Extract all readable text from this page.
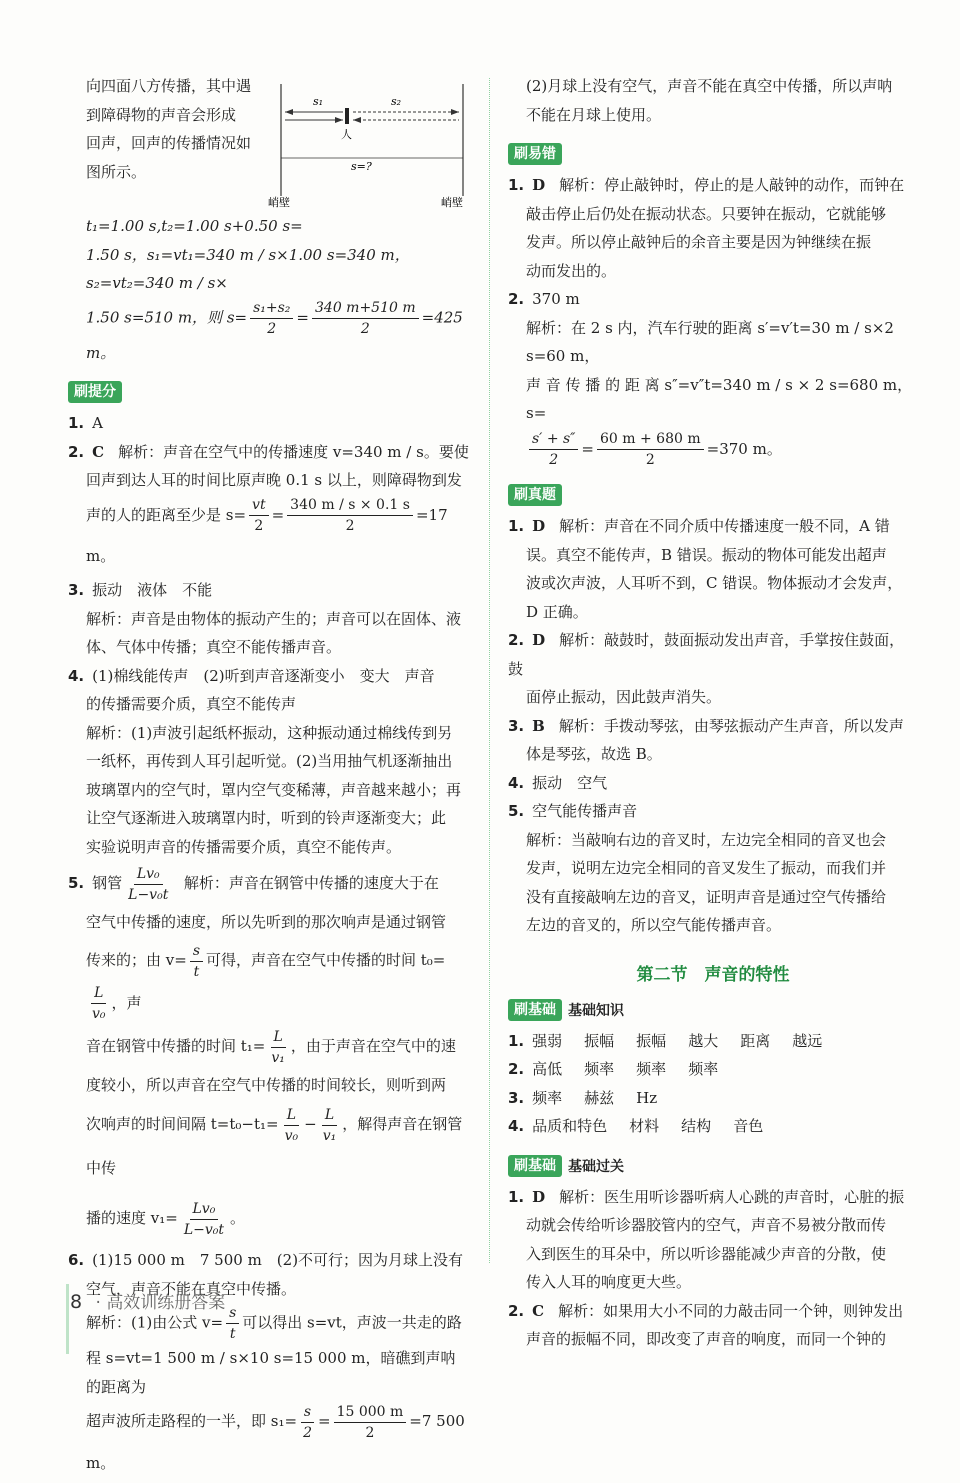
向四面八方传播，其中遇

到障碍物的声音会形成

回声，回声的传播情况如

图所示。

s₁	s₂
人
s=?
峭壁	峭壁

t₁=1.00 s,t₂=1.00 s+0.50 s=

1.50 s，s₁=vt₁=340 m / s×1.00 s=340 m，s₂=vt₂=340 m / s×

1.50 s=510 m，则 $s= \frac{\text{s₁+s₂}}{2} = \frac{340 m+510 m}{2} =425$ m。

刷提分

1. A

2. C 解析：声音在空气中的传播速度 v=340 m / s。要使

回声到达人耳的时间比原声晚 0.1 s 以上，则障碍物到发

声的人的距离至少是 $s= \frac{vt}{2} = \frac{340 m / s \times 0.1 s}{2} =17$ m。

3. 振动　液体　不能

解析：声音是由物体的振动产生的；声音可以在固体、液

体、气体中传播；真空不能传播声音。

4. (1)棉线能传声　(2)听到声音逐渐变小　变大　声音

的传播需要介质，真空不能传声

解析：(1)声波引起纸杯振动，这种振动通过棉线传到另

一纸杯，再传到人耳引起听觉。(2)当用抽气机逐渐抽出

玻璃罩内的空气时，罩内空气变稀薄，声音越来越小；再

让空气逐渐进入玻璃罩内时，听到的铃声逐渐变大；此

实验说明声音的传播需要介质，真空不能传声。

5. 钢管 $\frac{\text{Lv₀}}{\text{L−v₀t}}$ 解析：声音在钢管中传播的速度大于在

空气中传播的速度，所以先听到的那次响声是通过钢管

传来的；由 $v= \frac{s}{t}$ 可得，声音在空气中传播的时间 t₀=
$\frac{L}{\text{v₀}}$ ，声

音在钢管中传播的时间 $t_1= \frac{L}{\text{v₁}}$ ，由于声音在空气中的速

度较小，所以声音在空气中传播的时间较长，则听到两

次响声的时间间隔 $t=t_0-t_1= \frac{L}{\text{v₀}} - \frac{L}{\text{v₁}}$ ，解得声音在钢管中传

播的速度 $v_1= \frac{\text{Lv₀}}{\text{L−v₀t}}$ 。

6. (1)15 000 m　7 500 m　(2)不可行；因为月球上没有

空气，声音不能在真空中传播。

解析：(1)由公式 $v= \frac{s}{t}$ 可以得出 s=vt，声波一共走的路

程 s=vt=1 500 m / s×10 s=15 000 m，暗礁到声呐的距离为

超声波所走路程的一半，即 $s_1= \frac{s}{2} = \frac{15 000 m}{2} =7$ 500 m。

(2)月球上没有空气，声音不能在真空中传播，所以声呐

不能在月球上使用。

刷易错

1. D 解析：停止敲钟时，停止的是人敲钟的动作，而钟在

敲击停止后仍处在振动状态。只要钟在振动，它就能够

发声。所以停止敲钟后的余音主要是因为钟继续在振

动而发出的。

2. 370 m

解析：在 2 s 内，汽车行驶的距离 s′=v′t=30 m / s×2 s=60 m，

声 音 传 播 的 距 离 s″=v″t=340 m / s × 2 s=680 m，s=

$\frac{s' + s''}{2} = \frac{60 m + 680 m}{2} =370$ m。

刷真题

1. D 解析：声音在不同介质中传播速度一般不同，A 错

误。真空不能传声，B 错误。振动的物体可能发出超声

波或次声波，人耳听不到，C 错误。物体振动才会发声，

D 正确。

2. D 解析：敲鼓时，鼓面振动发出声音，手掌按住鼓面，鼓

面停止振动，因此鼓声消失。

3. B 解析：手拨动琴弦，由琴弦振动产生声音，所以发声

体是琴弦，故选 B。

4. 振动　空气

5. 空气能传播声音

解析：当敲响右边的音叉时，左边完全相同的音叉也会

发声，说明左边完全相同的音叉发生了振动，而我们并

没有直接敲响左边的音叉，证明声音是通过空气传播给

左边的音叉的，所以空气能传播声音。

第二节　声音的特性
刷基础 基础知识

1. 强弱 振幅 振幅 越大 距离 越远

2. 高低 频率 频率 频率

3. 频率 赫兹 Hz

4. 品质和特色 材料 结构 音色

刷基础 基础过关

1. D 解析：医生用听诊器听病人心跳的声音时，心脏的振

动就会传给听诊器胶管内的空气，声音不易被分散而传

入到医生的耳朵中，所以听诊器能减少声音的分散，使

传入人耳的响度更大些。

2. C 解析：如果用大小不同的力敲击同一个钟，则钟发出

声音的振幅不同，即改变了声音的响度，而同一个钟的

8 · 高效训练册答案
